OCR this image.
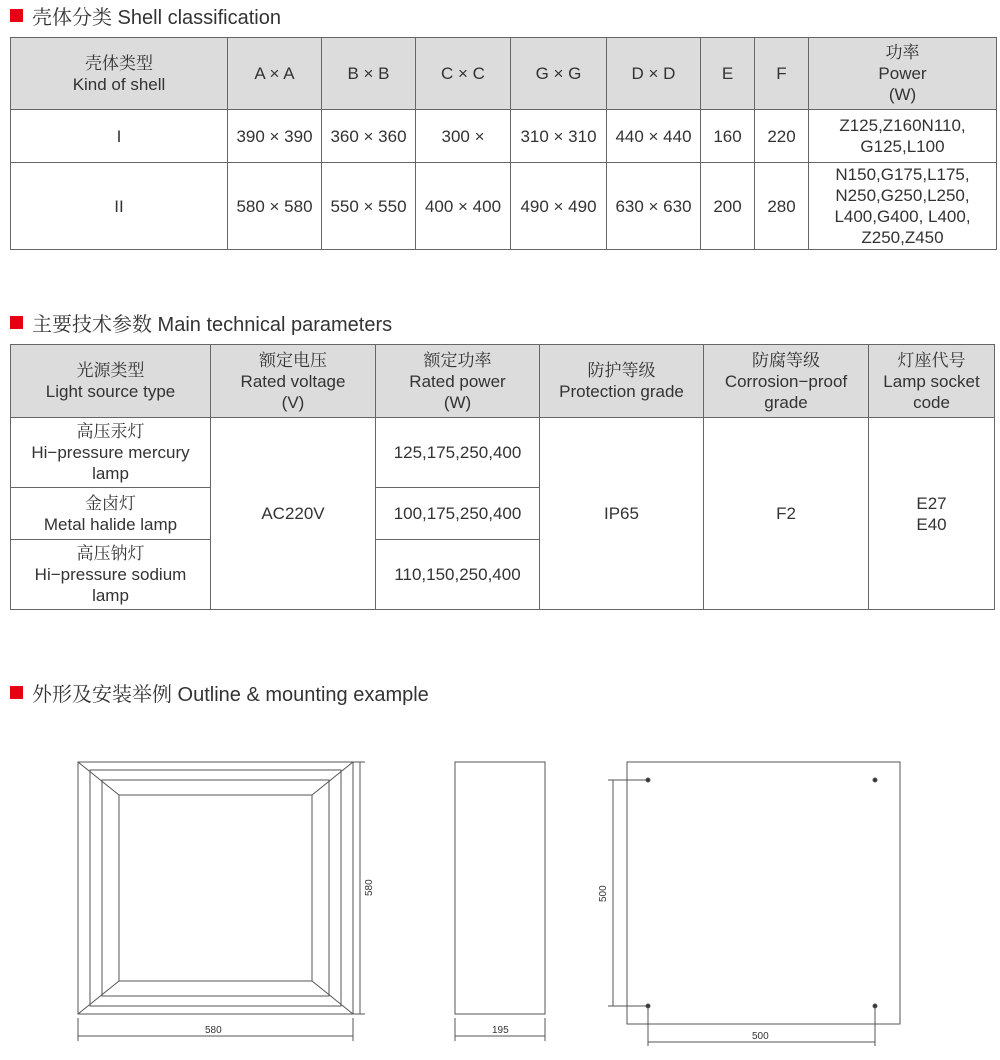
壳体分类 Shell classification
壳体类型
Kind of shell	A × A	B × B	C × C	G × G	D × D	E	F	功率
Power
(W)

I	390 × 390	360 × 360	300 ×	310 × 310	440 × 440	160	220	Z125,Z160N110,
G125,L100

II	580 × 580	550 × 550	400 × 400	490 × 490	630 × 630	200	280	N150,G175,L175,
N250,G250,L250,
L400,G400, L400,
Z250,Z450
主要技术参数 Main technical parameters
光源类型
Light source type	额定电压
Rated voltage
(V)	额定功率
Rated power
(W)	防护等级
Protection grade	防腐等级
Corrosion−proof
grade	灯座代号
Lamp socket
code

高压汞灯
Hi−pressure mercury
lamp	AC220V	125,175,250,400	IP65	F2	E27
E40

金卤灯
Metal halide lamp		100,175,250,400			

高压钠灯
Hi−pressure sodium
lamp		110,150,250,400			
外形及安装举例 Outline & mounting example
580
580
195
500
500
